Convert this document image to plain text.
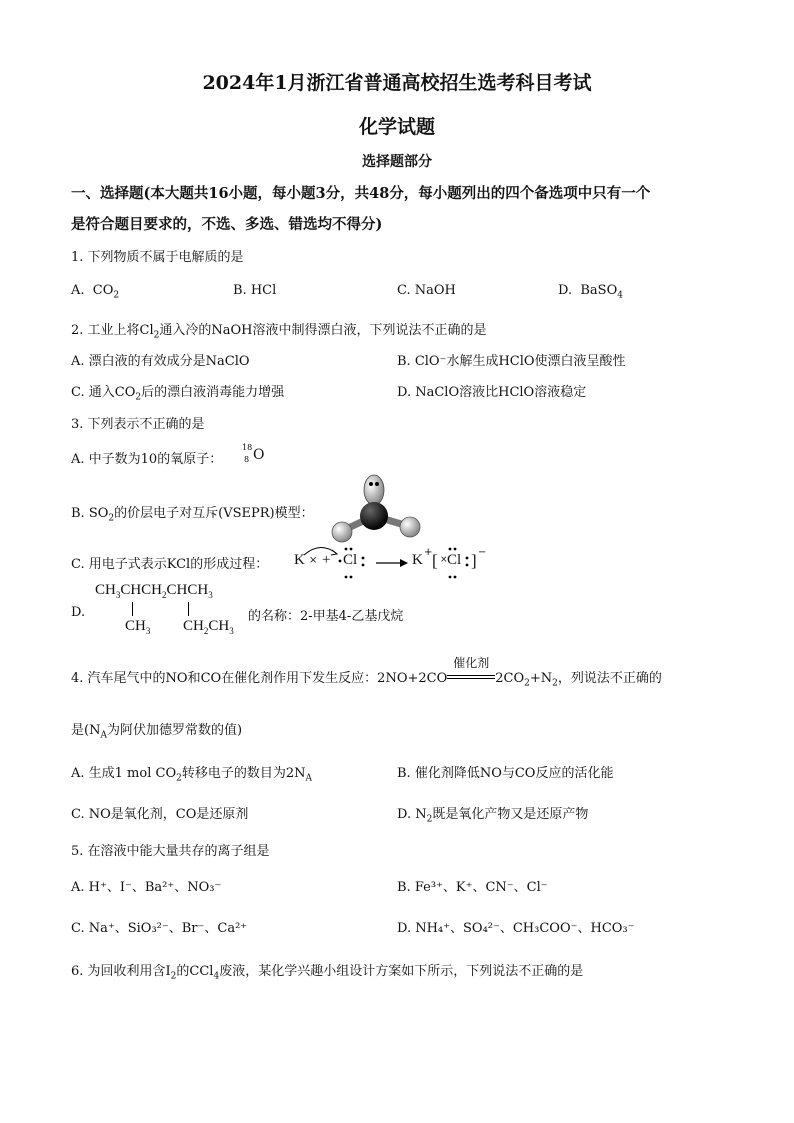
2024年1月浙江省普通高校招生选考科目考试
化学试题
选择题部分
一、选择题(本大题共16小题，每小题3分，共48分，每小题列出的四个备选项中只有一个
是符合题目要求的，不选、多选、错选均不得分)
1. 下列物质不属于电解质的是
A. $CO_2$	B. HCl	C. NaOH	D. BaSO$_4$
2. 工业上将$Cl_2$通入冷的NaOH溶液中制得漂白液，下列说法不正确的是
A. 漂白液的有效成分是NaClO	B. ClO⁻水解生成HClO使漂白液呈酸性
C. 通入$CO_2$后的漂白液消毒能力增强	D. NaClO溶液比HClO溶液稳定
3. 下列表示不正确的是
A. 中子数为10的氧原子：
18
8 O
B. $SO_2$的价层电子对互斥(VSEPR)模型：
C. 用电子式表示KCl的形成过程： K × + Cl	K + [ × Cl ] −
D.
$CH_3CHCH_2CHCH_3$
$CH_3$ $CH_2CH_3$
的名称：2-甲基4-乙基戊烷
4. 汽车尾气中的NO和CO在催化剂作用下发生反应：2NO+2CO
催化剂
$2CO_2+N_2$，列说法不正确的
是($N_A$为阿伏加德罗常数的值)
A. 生成1 mol $CO_2$转移电子的数目为$2N_A$	B. 催化剂降低NO与CO反应的活化能
C. NO是氧化剂，CO是还原剂	D. $N_2$既是氧化产物又是还原产物
5. 在溶液中能大量共存的离子组是
A. H⁺、I⁻、Ba²⁺、NO₃⁻	B. Fe³⁺、K⁺、CN⁻、Cl⁻
C. Na⁺、SiO₃²⁻、Br⁻、Ca²⁺	D. NH₄⁺、SO₄²⁻、CH₃COO⁻、HCO₃⁻
6. 为回收利用含$I_2$的CCl$_4$废液，某化学兴趣小组设计方案如下所示，下列说法不正确的是
